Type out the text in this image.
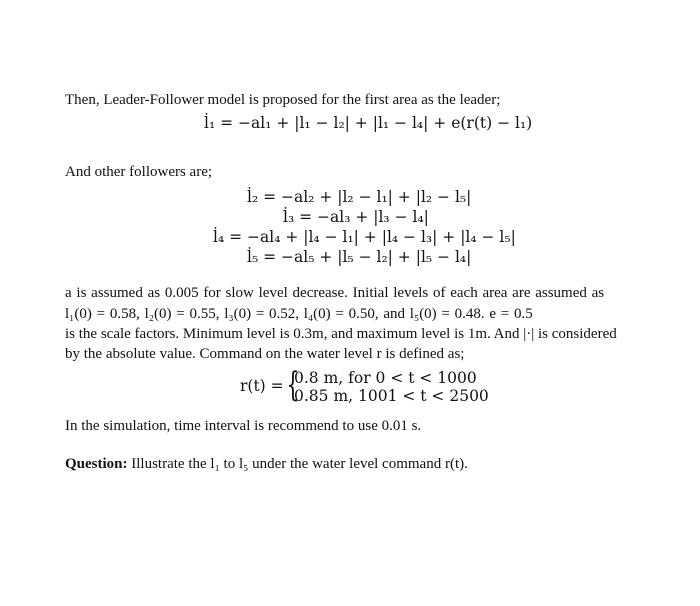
Then, Leader-Follower model is proposed for the first area as the leader;
l̇₁ = −al₁ + |l₁ − l₂| + |l₁ − l₄| + e(r(t) − l₁)
And other followers are;
l̇₂ = −al₂ + |l₂ − l₁| + |l₂ − l₅|
l̇₃ = −al₃ + |l₃ − l₄|
l̇₄ = −al₄ + |l₄ − l₁| + |l₄ − l₃| + |l₄ − l₅|
l̇₅ = −al₅ + |l₅ − l₂| + |l₅ − l₄|
a is assumed as 0.005 for slow level decrease. Initial levels of each area are assumed as
l₁(0) = 0.58, l₂(0) = 0.55, l₃(0) = 0.52, l₄(0) = 0.50, and l₅(0) = 0.48. e = 0.5
is the scale factors. Minimum level is 0.3m, and maximum level is 1m. And |·| is considered
by the absolute value. Command on the water level r is defined as;
r(t) = {
0.8 m, for 0 < t < 1000
0.85 m, 1001 < t < 2500
In the simulation, time interval is recommend to use 0.01 s.
Question: Illustrate the l₁ to l₅ under the water level command r(t).
